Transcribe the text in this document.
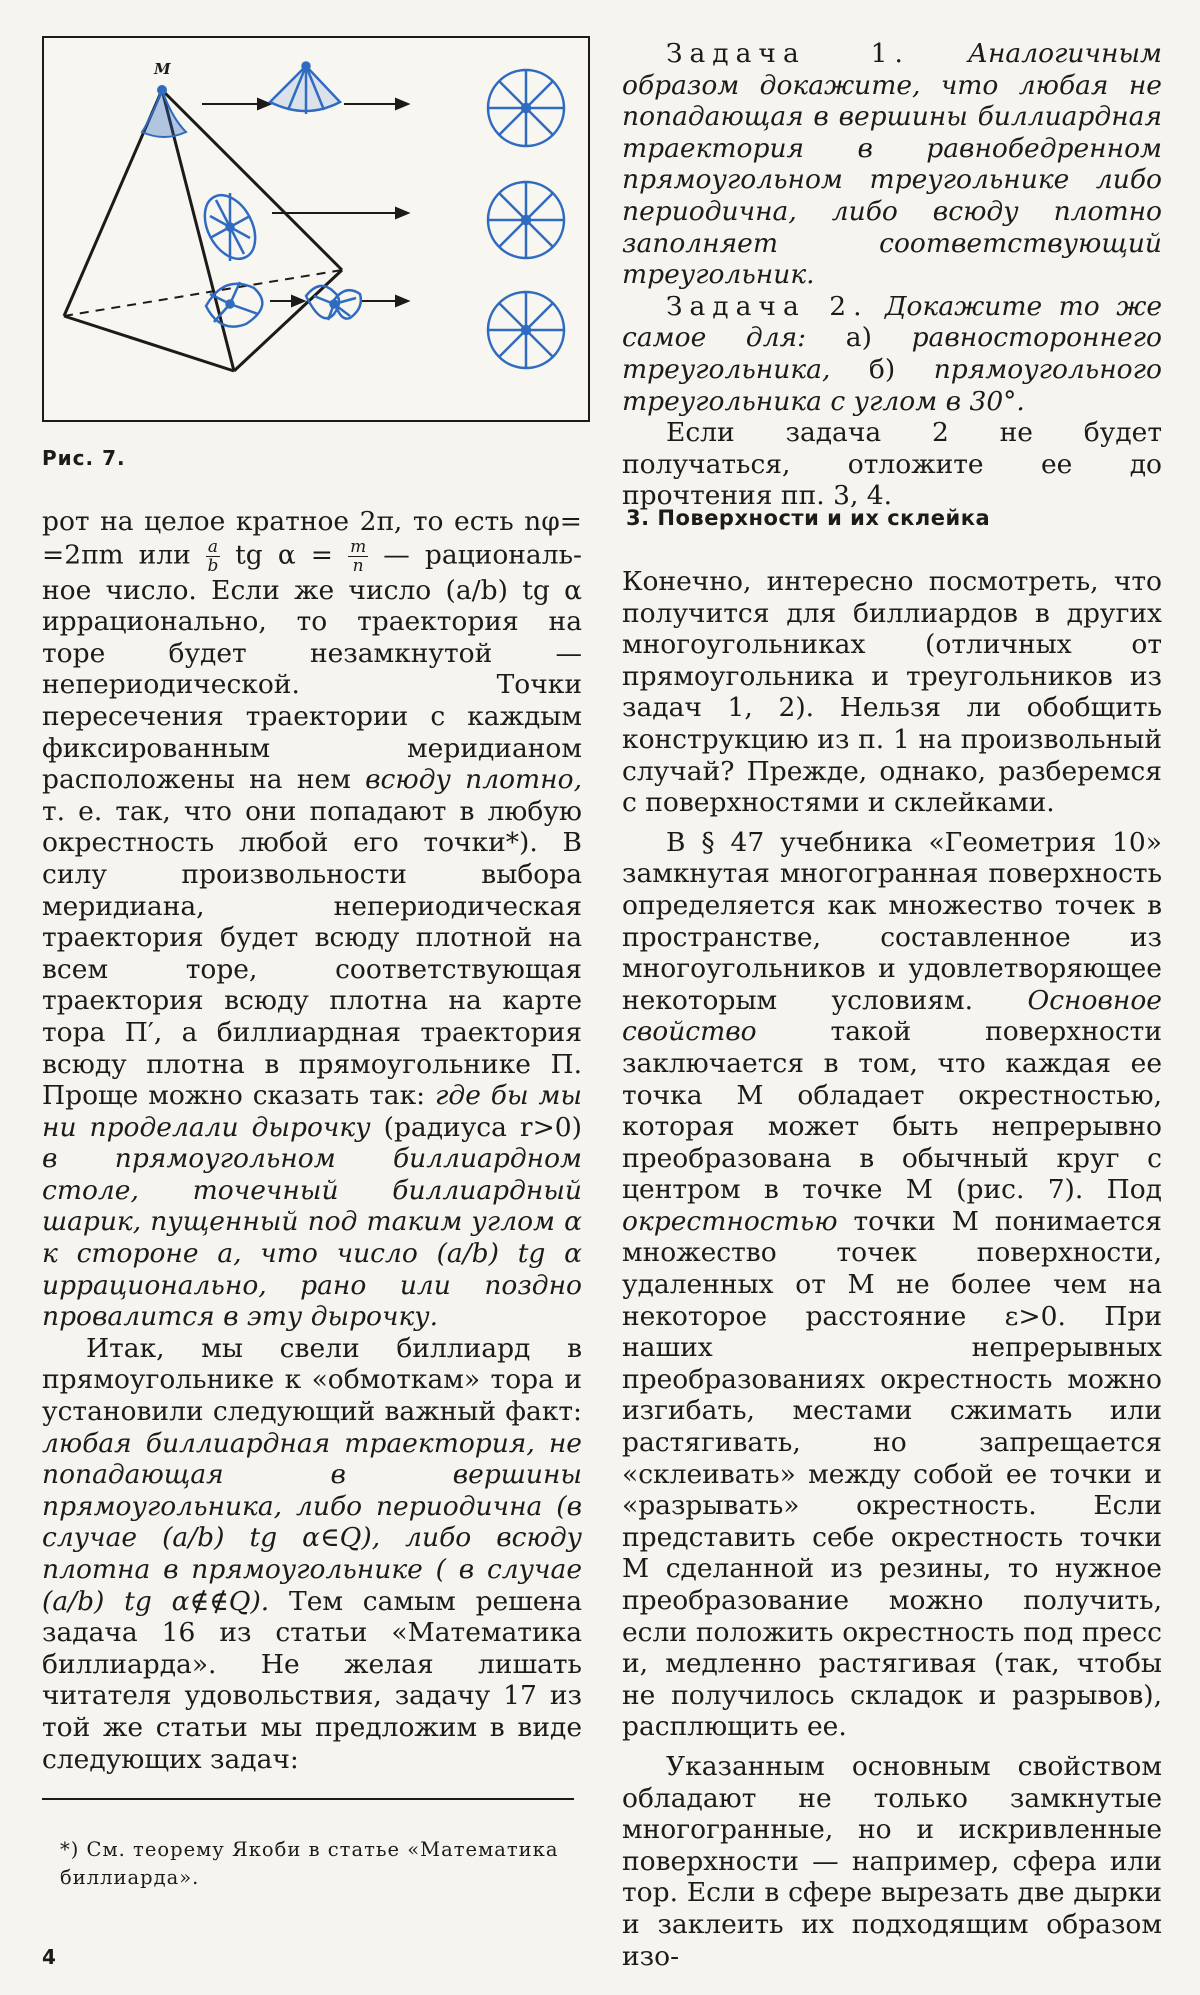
M
Рис. 7.

рот на целое кратное 2π, то есть nφ= =2πm или $\frac{a}{b}$ tg $\alpha = \frac{m}{n}$ — рациональ- ное число. Если же число (a/b) tg α иррационально, то траектория на торе будет незамкнутой — непериодической. Точки пересечения траектории с каждым фиксированным меридианом расположены на нем всюду плотно, т. е. так, что они попадают в любую окрестность любой его точки*). В силу произвольности выбора меридиана, непериодическая траектория будет всюду плотной на всем торе, соответствующая траектория всюду плотна на карте тора П′, а биллиардная траектория всюду плотна в прямоугольнике П. Проще можно сказать так: где бы мы ни проделали дырочку (радиуса r>0) в прямоугольном биллиардном столе, точечный биллиардный шарик, пущенный под таким углом α к стороне a, что число (a/b) tg α иррационально, рано или поздно провалится в эту дырочку.

Итак, мы свели биллиард в прямоугольнике к «обмоткам» тора и установили следующий важный факт: любая биллиардная траектория, не попадающая в вершины прямоугольника, либо периодична (в случае (a/b) tg α∈Q), либо всюду плотна в прямоугольнике ( в случае (a/b) tg α∉∉Q). Тем самым решена задача 16 из статьи «Математика биллиарда». Не желая лишать читателя удовольствия, задачу 17 из той же статьи мы предложим в виде следующих задач:

Задача 1. Аналогичным образом докажите, что любая не попадающая в вершины биллиардная траектория в равнобедренном прямоугольном треугольнике либо периодична, либо всюду плотно заполняет соответствующий треугольник.

Задача 2. Докажите то же самое для: а) равностороннего треугольника, б) прямоугольного треугольника с углом в 30°.

Если задача 2 не будет получаться, отложите ее до прочтения пп. 3, 4.

3. Поверхности и их склейка

Конечно, интересно посмотреть, что получится для биллиардов в других многоугольниках (отличных от прямоугольника и треугольников из задач 1, 2). Нельзя ли обобщить конструкцию из п. 1 на произвольный случай? Прежде, однако, разберемся с поверхностями и склейками.

В § 47 учебника «Геометрия 10» замкнутая многогранная поверхность определяется как множество точек в пространстве, составленное из многоугольников и удовлетворяющее некоторым условиям. Основное свойство	такой поверхности заключается в том, что каждая ее точка M обладает окрестностью, которая может быть непрерывно преобразована в обычный круг с центром в точке M (рис. 7). Под окрестностью точки M понимается множество точек поверхности, удаленных от M не более чем на некоторое расстояние ε>0. При наших непрерывных преобразованиях окрестность можно изгибать, местами сжимать или растягивать, но запрещается «склеивать» между собой ее точки и «разрывать» окрестность. Если представить себе окрестность точки M сделанной из резины, то нужное преобразование можно получить, если положить окрестность под пресс и, медленно растягивая (так, чтобы не получилось складок и разрывов), расплющить ее.

Указанным основным свойством обладают не только замкнутые многогранные, но и искривленные поверхности — например, сфера или тор. Если в сфере вырезать две дырки и заклеить их подходящим образом изо-

*) См. теорему Якоби в статье «Математика биллиарда».
4
